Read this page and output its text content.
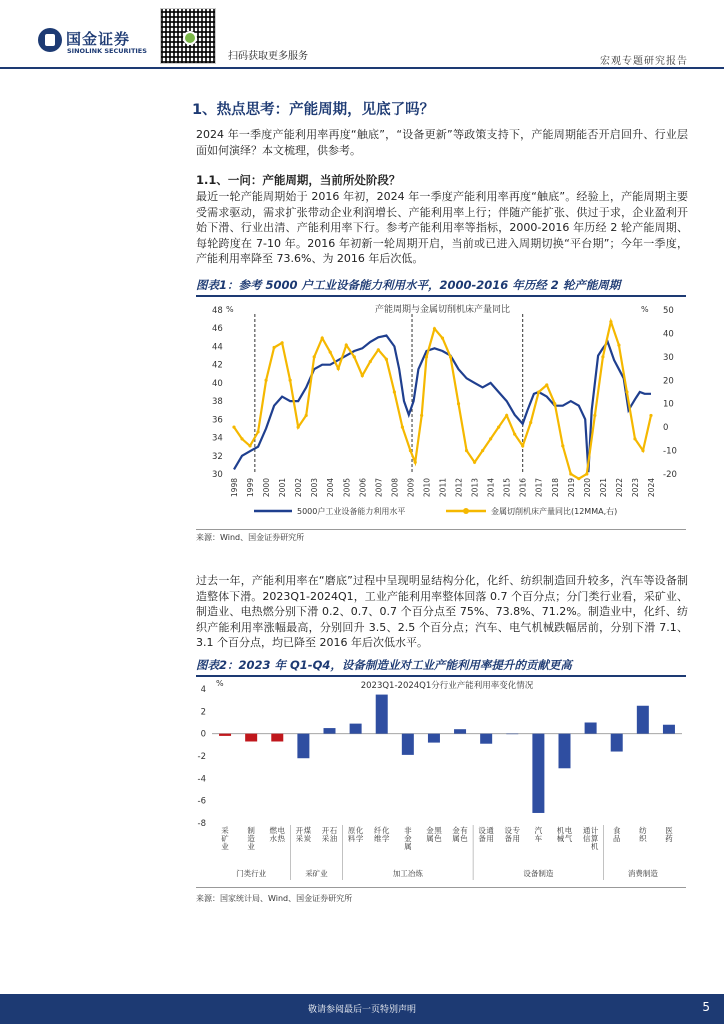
国金证券
SINOLINK SECURITIES	扫码获取更多服务	宏观专题研究报告
1、热点思考：产能周期，见底了吗？
2024 年一季度产能利用率再度“触底”，“设备更新”等政策支持下，产能周期能否开启回升、行业层面如何演绎？本文梳理，供参考。
1.1、一问：产能周期，当前所处阶段？
最近一轮产能周期始于 2016 年初，2024 年一季度产能利用率再度“触底”。经验上，产能周期主要受需求驱动，需求扩张带动企业利润增长、产能利用率上行；伴随产能扩张、供过于求，企业盈利开始下滑、行业出清、产能利用率下行。参考产能利用率等指标，2000-2016 年历经 2 轮产能周期、每轮跨度在 7-10 年。2016 年初新一轮周期开启，当前或已进入周期切换“平台期”；今年一季度，产能利用率降至 73.6%、为 2016 年后次低。
图表1：参考 5000 户工业设备能力利用水平，2000-2016 年历经 2 轮产能周期
产能周期与金属切削机床产量同比
%	%
30
32
34
36
38
40
42
44
46
48
-20
-10
0
10
20
30
40
50
1998 1999 2000 2001 2002 2003 2004 2005 2006 2007 2008 2009 2010 2011 2012 2013 2014 2015 2016 2017 2018 2019 2020 2021 2022 2023 2024
5000户工业设备能力利用水平	金属切削机床产量同比(12MMA,右)
来源：Wind、国金证券研究所
过去一年，产能利用率在“磨底”过程中呈现明显结构分化，化纤、纺织制造回升较多，汽车等设备制造整体下滑。2023Q1-2024Q1，工业产能利用率整体回落 0.7 个百分点；分门类行业看，采矿业、制造业、电热燃分别下滑 0.2、0.7、0.7 个百分点至 75%、73.8%、71.2%。制造业中，化纤、纺织产能利用率涨幅最高，分别回升 3.5、2.5 个百分点；汽车、电气机械跌幅居前，分别下滑 7.1、3.1 个百分点，均已降至 2016 年后次低水平。
图表2：2023 年 Q1-Q4，设备制造业对工业产能利用率提升的贡献更高
2023Q1-2024Q1分行业产能利用率变化情况
%
4
2
0
-2
-4
-6
-8
采矿业
制造业
电热燃水
煤炭开采
石油开采
化学原料
化学纤维
非金属
黑色金属
有色金属
通用设备
专用设备
汽车
电气机械
计算机通信
食品
纺织
医药
门类行业	采矿业	加工冶炼	设备制造	消费制造
来源：国家统计局、Wind、国金证券研究所
敬请参阅最后一页特别声明	5
